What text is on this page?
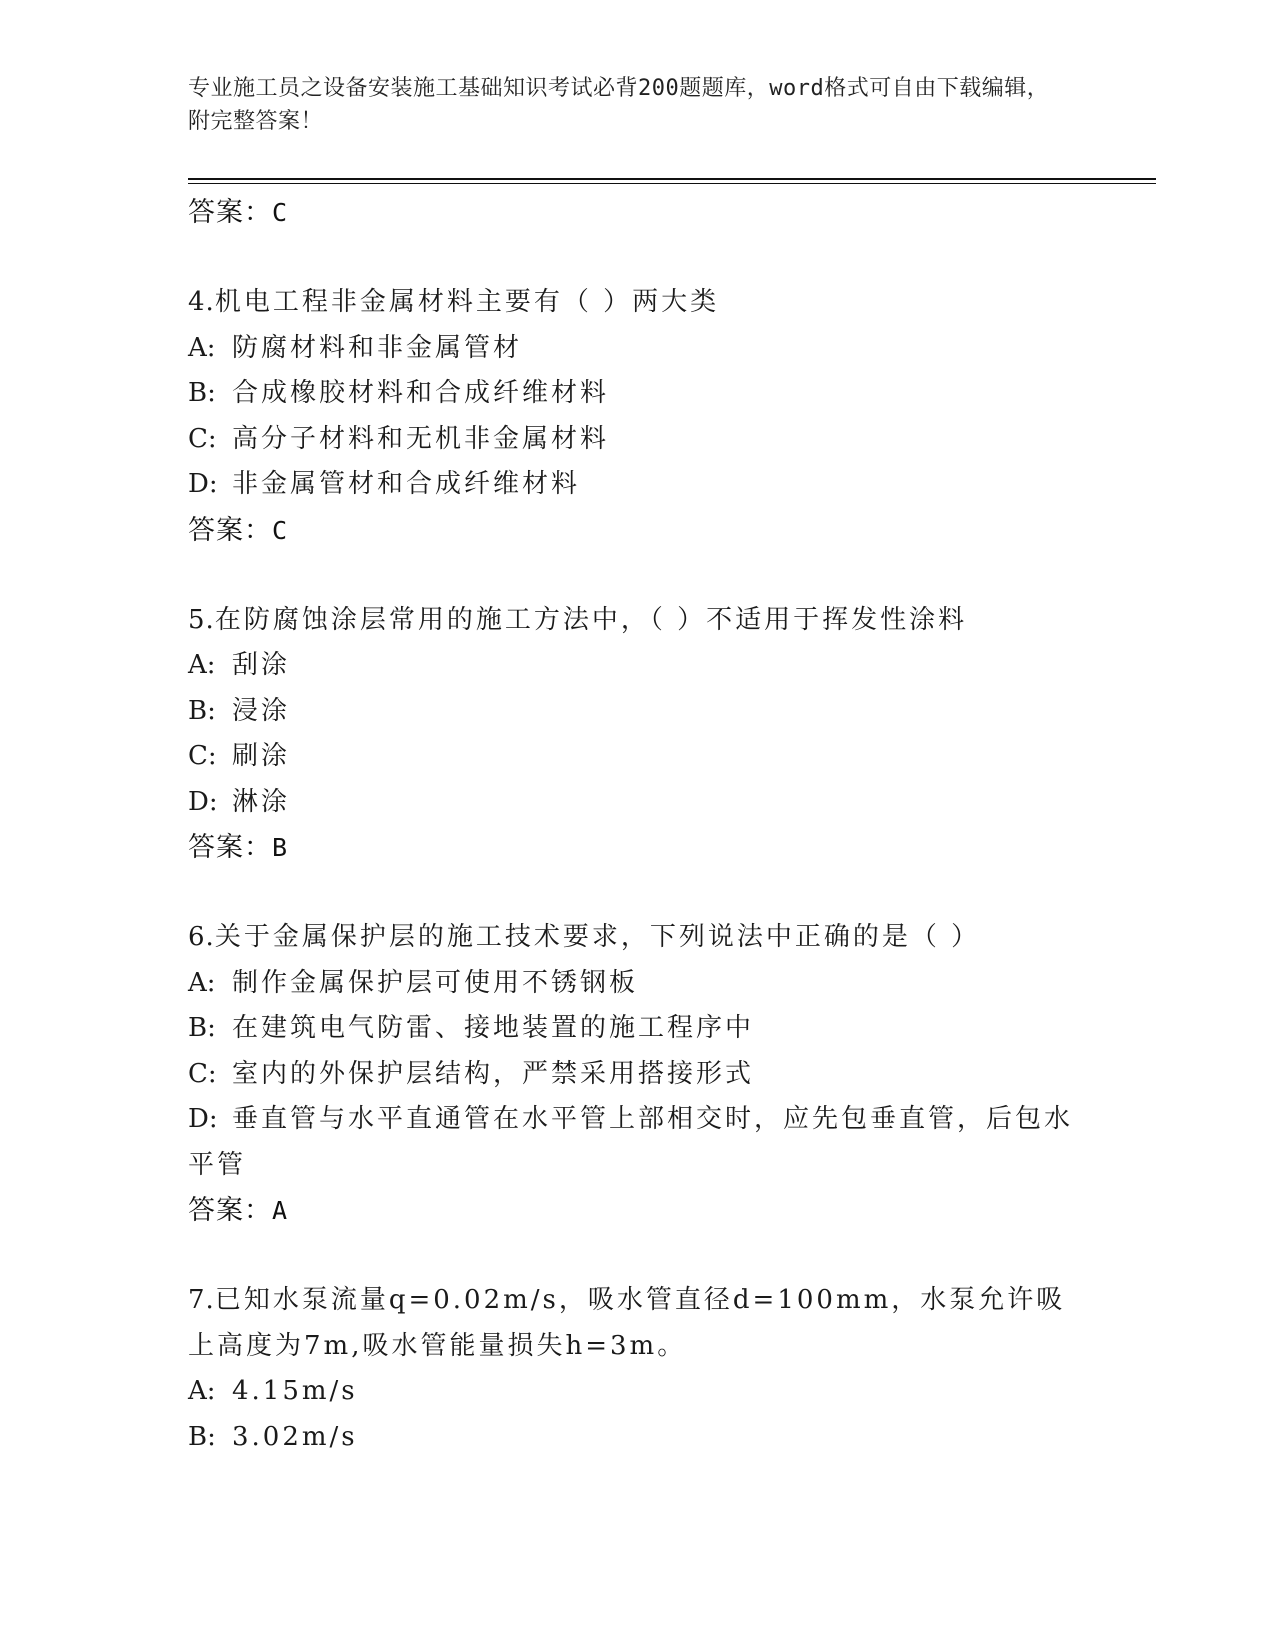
专业施工员之设备安装施工基础知识考试必背200题题库，word格式可自由下载编辑，附完整答案！
答案：C

4.机电工程非金属材料主要有（ ）两大类

A: 防腐材料和非金属管材

B: 合成橡胶材料和合成纤维材料

C: 高分子材料和无机非金属材料

D: 非金属管材和合成纤维材料

答案：C

5.在防腐蚀涂层常用的施工方法中，（ ）不适用于挥发性涂料

A: 刮涂

B: 浸涂

C: 刷涂

D: 淋涂

答案：B

6.关于金属保护层的施工技术要求，下列说法中正确的是（ ）

A: 制作金属保护层可使用不锈钢板

B: 在建筑电气防雷、接地装置的施工程序中

C: 室内的外保护层结构，严禁采用搭接形式

D: 垂直管与水平直通管在水平管上部相交时，应先包垂直管，后包水平管

答案：A

7.已知水泵流量q=0.02m/s，吸水管直径d=100mm，水泵允许吸上高度为7m,吸水管能量损失h=3m。

A: 4.15m/s

B: 3.02m/s
